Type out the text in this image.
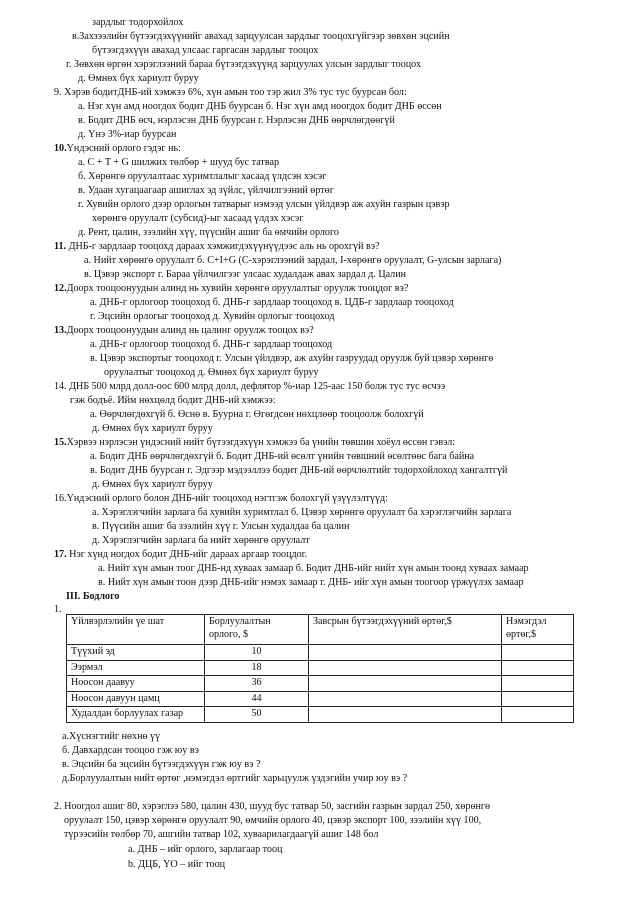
зардлыг тодорхойлох
в.Захзээлийн бүтээгдэхүүнийг авахад зарцуулсан зардлыг тооцохгүйгээр зөвхөн эцсийн
бүтээгдэхүүн авахад улсаас гаргасан зардлыг тооцох
г. Зөвхөн өргөн хэрэглээний бараа бүтээгдэхүүнд зарцуулах улсын зардлыг тооцох
д. Өмнөх бүх хариулт буруу
9. Хэрэв бодитДНБ-ий хэмжээ 6%, хүн амын тоо тэр жил 3% тус тус буурсан бол:
а. Нэг хүн амд ноогдох бодит ДНБ буурсан б. Нэг хүн амд ноогдох бодит ДНБ өссөн
в. Бодит ДНБ өсч, нэрлэсэн ДНБ буурсан г. Нэрлэсэн ДНБ өөрчлөгдөөгүй
д. Үнэ 3%-иар буурсан
10.Үндэсний орлого гэдэг нь:
а. C + T + G шилжих төлбөр + шууд бус татвар
б. Хөрөнгө оруулалтаас хуримтлалыг хасаад үлдсэн хэсэг
в. Удаан хугацаагаар ашиглах эд зүйлс, үйлчилгээний өртөг
г. Хувийн орлого дээр орлогын татварыг нэмээд улсын үйлдвэр аж ахуйн газрын цэвэр
хөрөнгө оруулалт (субсид)-ыг хасаад үлдэх хэсэг
д. Рент, цалин, зээлийн хүү, пүүсийн ашиг ба өмчийн орлого
11. ДНБ-г зардлаар тооцохд дараах хэмжигдэхүүнүүдээс аль нь орохгүй вэ?
а. Нийт хөрөнгө оруулалт б. C+I+G (C-хэрэглээний зардал, I-хөрөнгө оруулалт, G-улсын зарлага)
в. Цэвэр экспорт г. Бараа үйлчилгээг улсаас худалдаж авах зардал д. Цалин
12.Доорх тооцоонуудын алинд нь хувийн хөрөнгө оруулалтыг оруулж тооцдог вэ?
а. ДНБ-г орлогоор тооцоход б. ДНБ-г зардлаар тооцоход в. ЦДБ-г зардлаар тооцоход
г. Эцсийн орлогыг тооцоход д. Хувийн орлогыг тооцоход
13.Доорх тооцоонуудын алинд нь цалинг оруулж тооцох вэ?
а. ДНБ-г орлогоор тооцоход б. ДНБ-г зардлаар тооцоход
в. Цэвэр экспортыг тооцоход г. Улсын үйлдвэр, аж ахуйн газруудад оруулж буй цэвэр хөрөнгө
оруулалтыг тооцоход д. Өмнөх бүх хариулт буруу
14. ДНБ 500 млрд долл-оос 600 млрд долл, дефлятор %-иар 125-аас 150 болж тус тус өсчээ
гэж бодъё. Ийм нөхцөлд бодит ДНБ-ий хэмжээ:
а. Өөрчлөгдөхгүй б. Өснө в. Буурна г. Өгөгдсөн нөхцлөөр тооцоолж болохгүй
д. Өмнөх бүх хариулт буруу
15.Хэрвээ нэрлэсэн үндэсний нийт бүтээгдэхүүн хэмжээ ба үнийн төвшин хоёул өссөн гэвэл:
а. Бодит ДНБ өөрчлөгдөхгүй б. Бодит ДНБ-ий өсөлт үнийн төвшний өсөлтөөс бага байна
в. Бодит ДНБ буурсан г. Эдгээр мэдээллээ бодит ДНБ-ий өөрчлөлтийг тодорхойлоход хангалтгүй
д. Өмнөх бүх хариулт буруу
16.Үндэсний орлого болон ДНБ-ийг тооцоход нэгтгэж болохгүй үзүүлэлтүүд:
а. Хэрэглэгчийн зарлага ба хувийн хуримтлал б. Цэвэр хөрөнгө оруулалт ба хэрэглэгчийн зарлага
в. Пүүсийн ашиг ба зээлийн хүү г. Улсын худалдаа ба цалин
д. Хэрэглэгчийн зарлага ба нийт хөрөнгө оруулалт
17. Нэг хүнд ногдох бодит ДНБ-ийг дараах аргаар тооцдог.
а. Нийт хүн амын тоог ДНБ-нд хуваах замаар б. Бодит ДНБ-ийг нийт хүн амын тоонд хуваах замаар
в. Нийт хүн амын тоон дээр ДНБ-ийг нэмэх замаар г. ДНБ- ийг хүн амын тоогоор үржүүлэх замаар
III. Бодлого
1.
а.Хүснэгтийг нөхнө үү
б. Давхардсан тооцоо гэж юу вэ
в. Эцсийн ба эцсийн бүтээгдэхүүн гэж юу вэ ?
д.Борлуулалтын нийт өртөг ,нэмэгдэл өртгийг харьцуулж үздэгийн учир юу вэ ?
2. Ноогдол ашиг 80, хэрэглээ 580, цалин 430, шууд бус татвар 50, засгийн газрын зардал 250, хөрөнгө
оруулалт 150, цэвэр хөрөнгө оруулалт 90, өмчийн орлого 40, цэвэр экспорт 100, зээлийн хүү 100,
түрээсийн төлбөр 70, ашгийн татвар 102, хуваарилагдаагүй ашиг 148 бол
a. ДНБ – ийг орлого, зарлагаар тооц
b. ДЦБ, ҮО – ийг тооц
Үйлвэрлэлийн үе шат	Борлуулалтын орлого, $	Завсрын бүтээгдэхүүний өртөг,$	Нэмэгдэл өртөг,$
Түүхий эд	10		
Ээрмэл	18		
Ноосон даавуу	36		
Ноосон давуун цамц	44		
Худалдан борлуулах газар	50		
